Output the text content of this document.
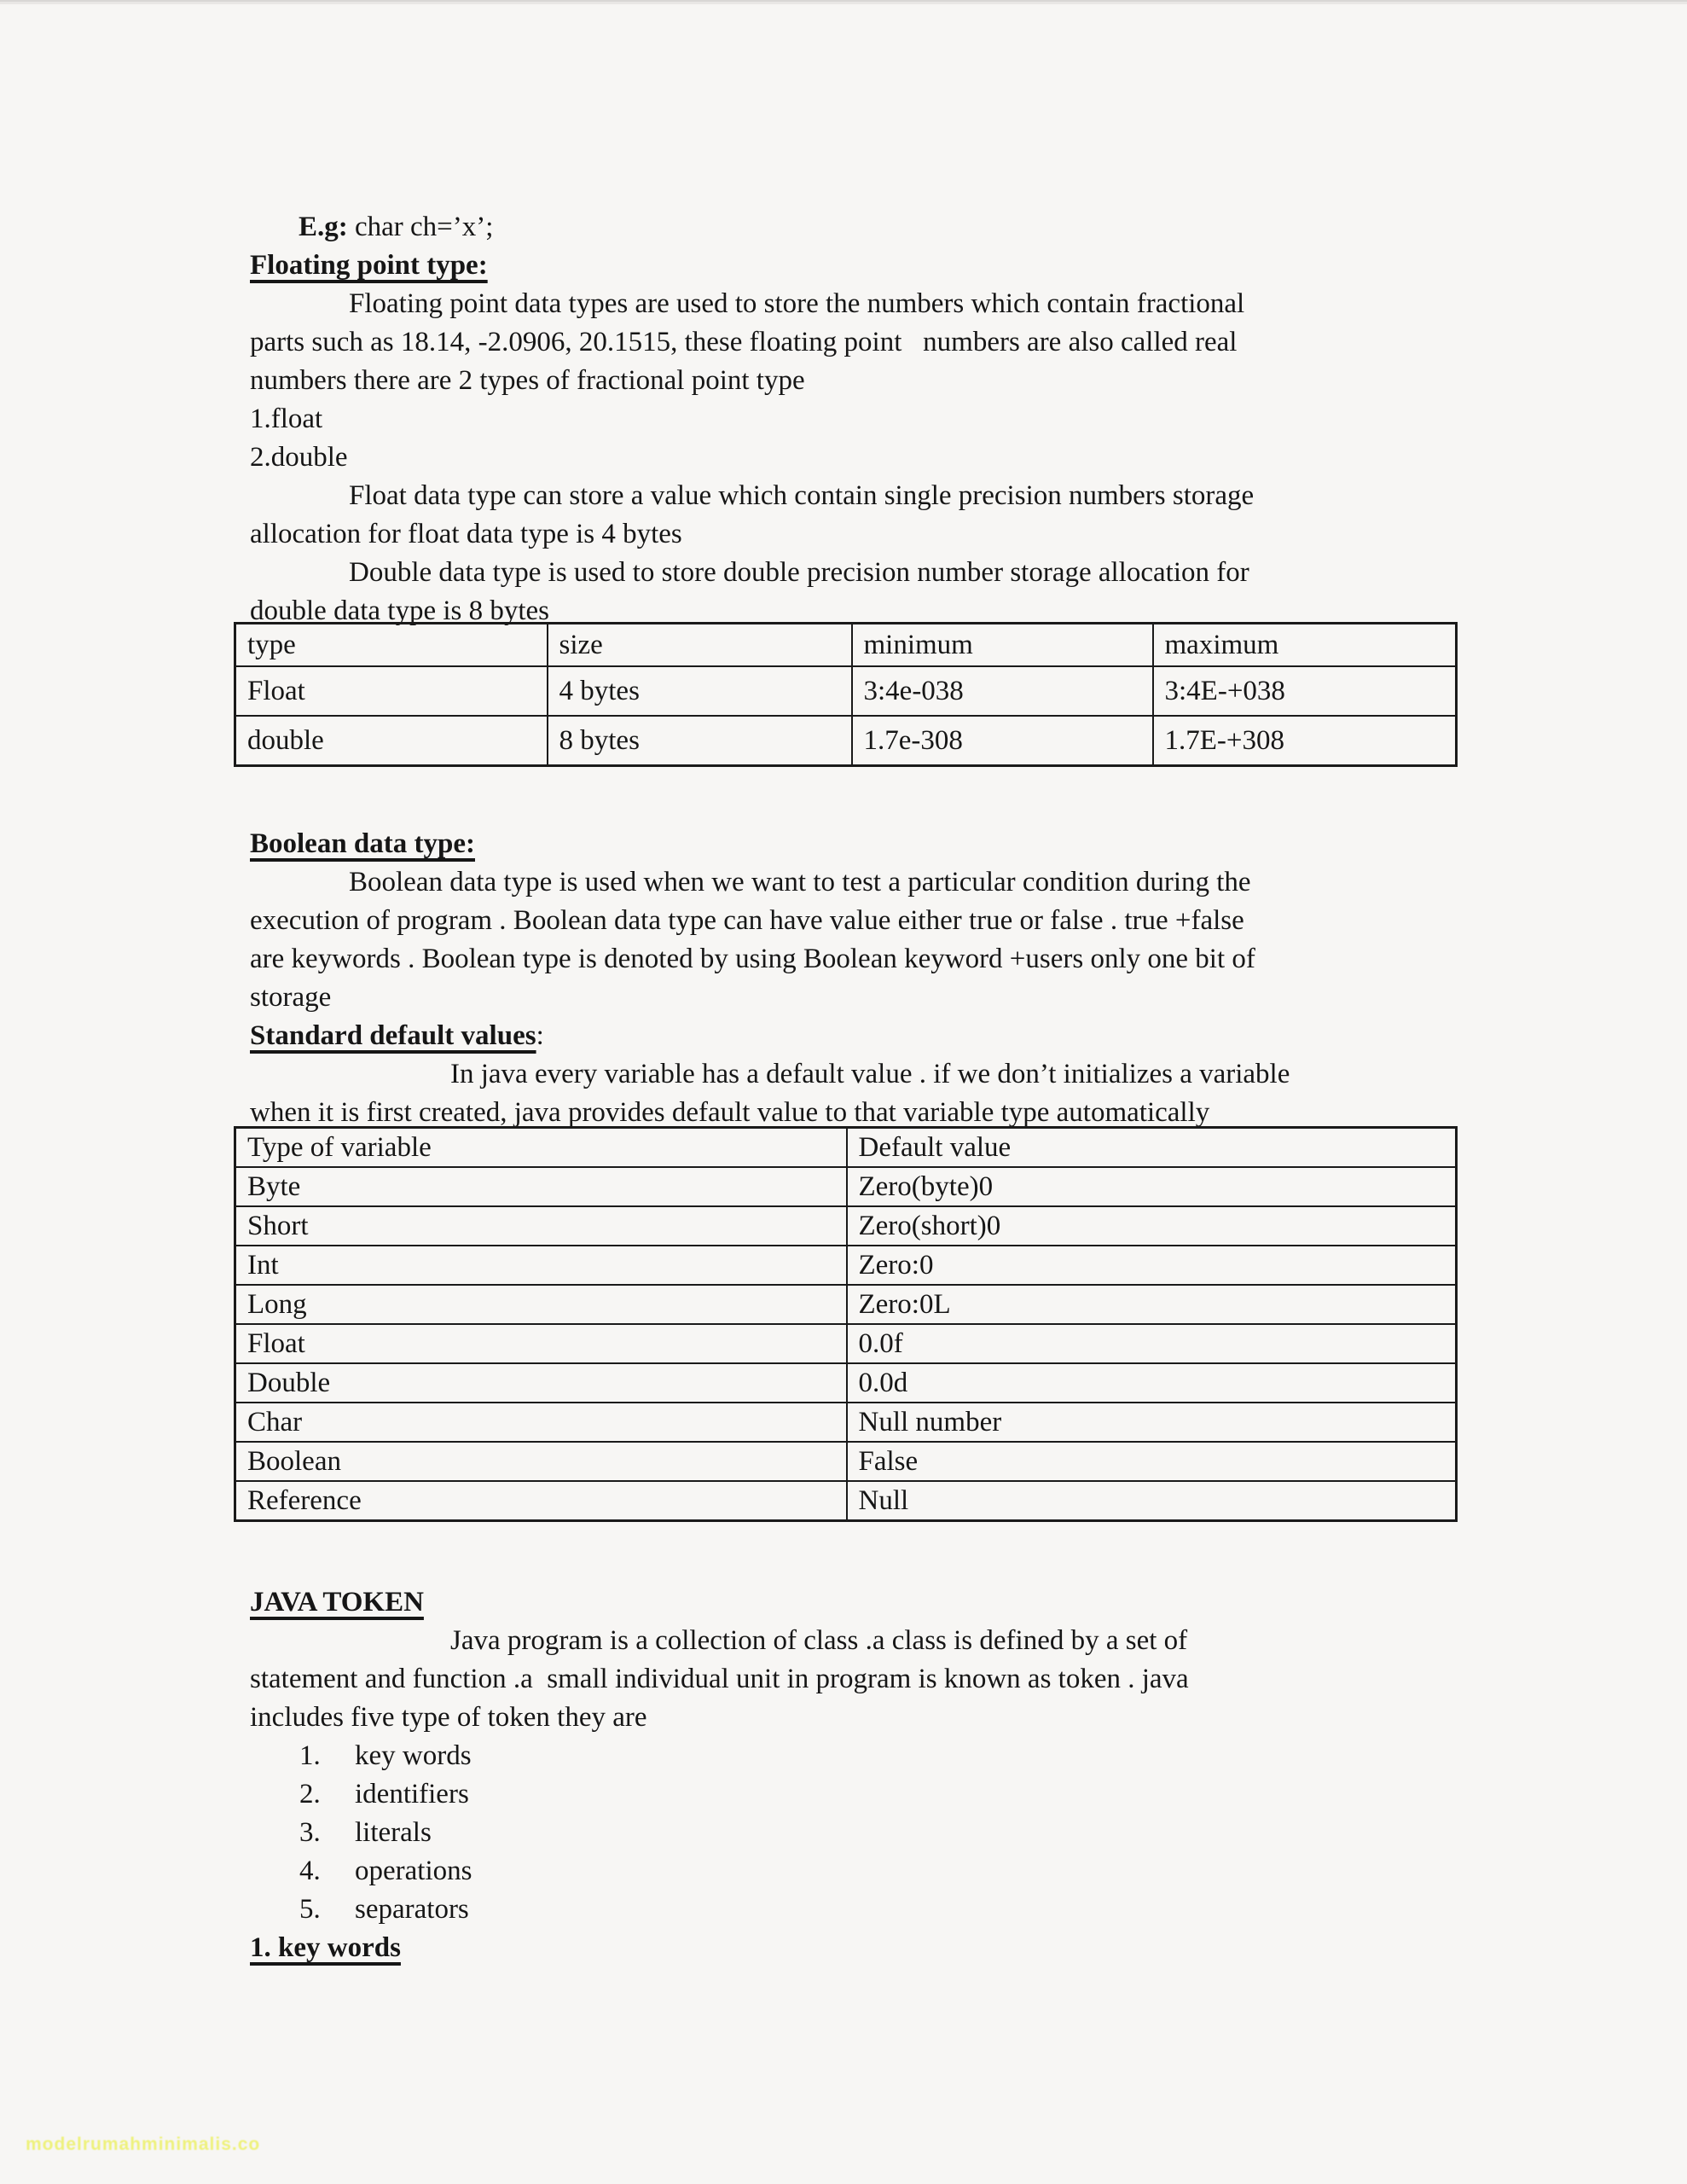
E.g: char ch=’x’;
Floating point type:
Floating point data types are used to store the numbers which contain fractional
parts such as 18.14, -2.0906, 20.1515, these floating point   numbers are also called real
numbers there are 2 types of fractional point type
1.float
2.double
Float data type can store a value which contain single precision numbers storage
allocation for float data type is 4 bytes
Double data type is used to store double precision number storage allocation for
double data type is 8 bytes
type	size	minimum	maximum
Float	4 bytes	3:4e-038	3:4E-+038
double	8 bytes	1.7e-308	1.7E-+308
Boolean data type:
Boolean data type is used when we want to test a particular condition during the
execution of program . Boolean data type can have value either true or false . true +false
are keywords . Boolean type is denoted by using Boolean keyword +users only one bit of
storage
Standard default values:
In java every variable has a default value . if we don’t initializes a variable
when it is first created, java provides default value to that variable type automatically
Type of variable	Default value
Byte	Zero(byte)0
Short	Zero(short)0
Int	Zero:0
Long	Zero:0L
Float	0.0f
Double	0.0d
Char	Null number
Boolean	False
Reference	Null
JAVA TOKEN
Java program is a collection of class .a class is defined by a set of
statement and function .a  small individual unit in program is known as token . java
includes five type of token they are
1. key words
2. identifiers
3. literals
4. operations
5. separators
1. key words
modelrumahminimalis.co
